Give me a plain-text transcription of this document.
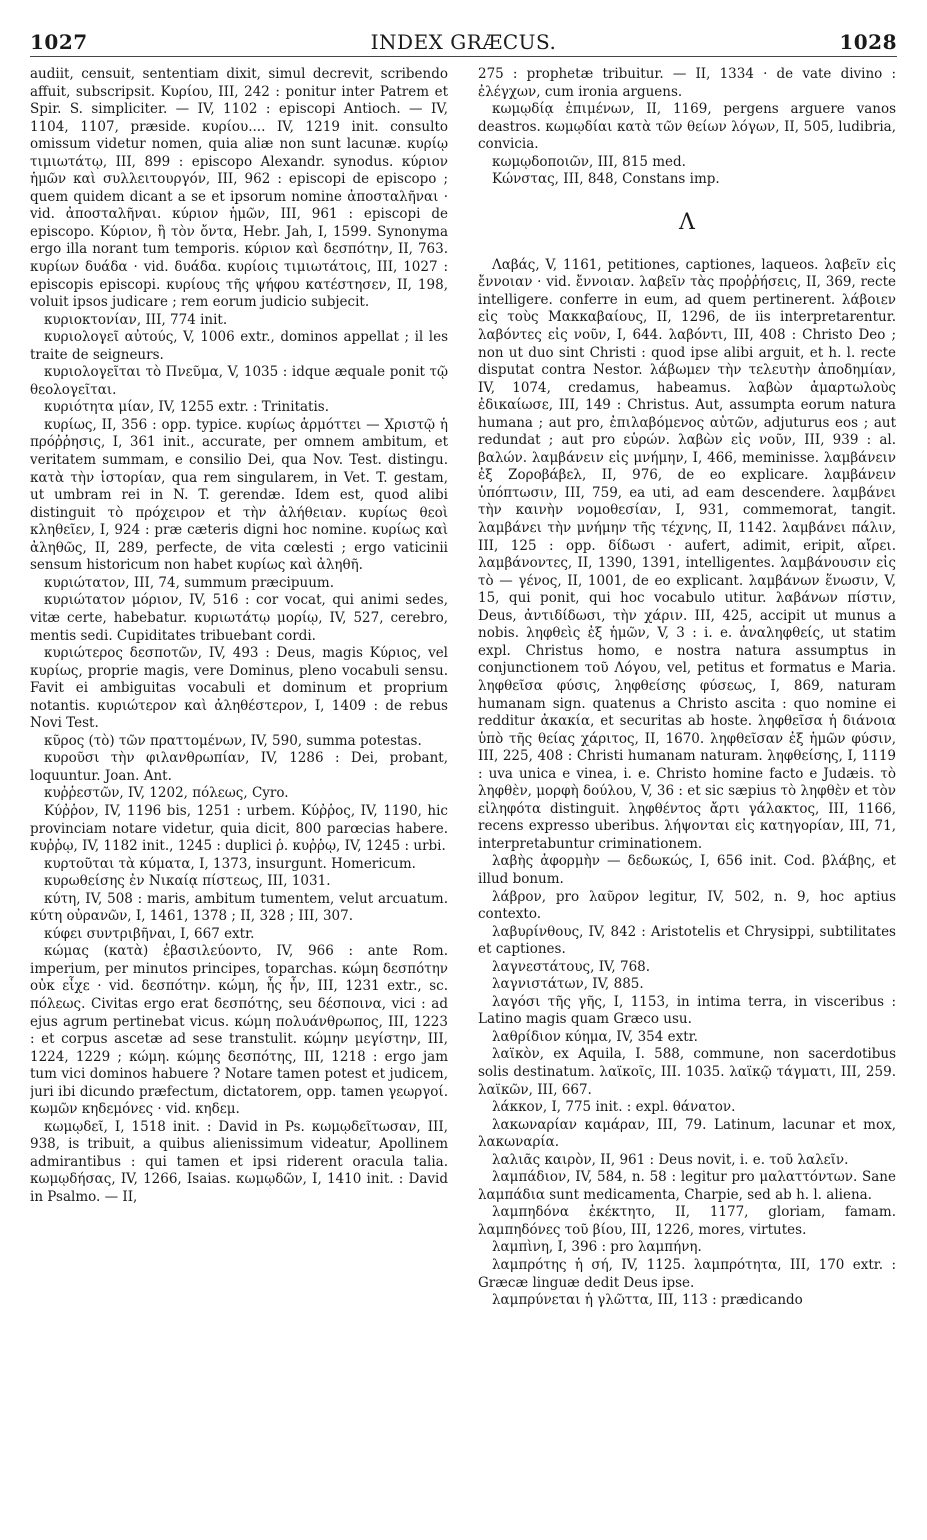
1027	INDEX GRÆCUS.	1028

audiit, censuit, sententiam dixit, simul decrevit, scribendo affuit, subscripsit. Κυρίου, III, 242 : ponitur inter Patrem et Spir. S. simpliciter. — IV, 1102 : episcopi Antioch. — IV, 1104, 1107, præside. κυρίου.... IV, 1219 init. consulto omissum videtur nomen, quia aliæ non sunt lacunæ. κυρίῳ τιμιωτάτῳ, III, 899 : episcopo Alexandr. synodus. κύριον ἡμῶν καὶ συλλειτουργόν, III, 962 : episcopi de episcopo ; quem quidem dicant a se et ipsorum nomine ἀποσταλῆναι · vid. ἀποσταλῆναι. κύριον ἡμῶν, III, 961 : episcopi de episcopo. Κύριον, ἢ τὸν ὄντα, Hebr. Jah, I, 1599. Synonyma ergo illa norant tum temporis. κύριον καὶ δεσπότην, II, 763. κυρίων δυάδα · vid. δυάδα. κυρίοις τιμιωτάτοις, III, 1027 : episcopis episcopi. κυρίους τῆς ψήφου κατέστησεν, II, 198, voluit ipsos judicare ; rem eorum judicio subjecit.

κυριοκτονίαν, III, 774 init.

κυριολογεῖ αὐτούς, V, 1006 extr., dominos appellat ; il les traite de seigneurs.

κυριολογεῖται τὸ Πνεῦμα, V, 1035 : idque æquale ponit τῷ θεολογεῖται.

κυριότητα μίαν, IV, 1255 extr. : Trinitatis.

κυρίως, II, 356 : opp. typice. κυρίως ἁρμόττει — Χριστῷ ἡ πρόῤῥησις, I, 361 init., accurate, per omnem ambitum, et veritatem summam, e consilio Dei, qua Nov. Test. distingu. κατὰ τὴν ἱστορίαν, qua rem singularem, in Vet. T. gestam, ut umbram rei in N. T. gerendæ. Idem est, quod alibi distinguit τὸ πρόχειρον et τὴν ἀλήθειαν. κυρίως θεοὶ κληθεῖεν, I, 924 : præ cæteris digni hoc nomine. κυρίως καὶ ἀληθῶς, II, 289, perfecte, de vita cœlesti ; ergo vaticinii sensum historicum non habet κυρίως καὶ ἀληθῆ.

κυριώτατον, III, 74, summum præcipuum.

κυριώτατον μόριον, IV, 516 : cor vocat, qui animi sedes, vitæ certe, habebatur. κυριωτάτῳ μορίῳ, IV, 527, cerebro, mentis sedi. Cupiditates tribuebant cordi.

κυριώτερος δεσποτῶν, IV, 493 : Deus, magis Κύριος, vel κυρίως, proprie magis, vere Dominus, pleno vocabuli sensu. Favit ei ambiguitas vocabuli et dominum et proprium notantis. κυριώτερον καὶ ἀληθέστερον, I, 1409 : de rebus Novi Test.

κῦρος (τὸ) τῶν πραττομένων, IV, 590, summa potestas.

κυροῦσι τὴν φιλανθρωπίαν, IV, 1286 : Dei, probant, loquuntur. Joan. Ant.

κυῤῥεστῶν, IV, 1202, πόλεως, Cyro.

Κύῤῥον, IV, 1196 bis, 1251 : urbem. Κύῤῥος, IV, 1190, hic provinciam notare videtur, quia dicit, 800 parœcias habere. κυῤῥῳ, IV, 1182 init., 1245 : duplici ῥ. κυῤῥῳ, IV, 1245 : urbi.

κυρτοῦται τὰ κύματα, I, 1373, insurgunt. Homericum.

κυρωθείσης ἐν Νικαίᾳ πίστεως, III, 1031.

κύτη, IV, 508 : maris, ambitum tumentem, velut arcuatum. κύτη οὐρανῶν, I, 1461, 1378 ; II, 328 ; III, 307.

κύφει συντριβῆναι, I, 667 extr.

κώμας (κατὰ) ἐβασιλεύοντο, IV, 966 : ante Rom. imperium, per minutos principes, toparchas. κώμη δεσπότην οὐκ εἶχε · vid. δεσπότην. κώμη, ἧς ἦν, III, 1231 extr., sc. πόλεως. Civitas ergo erat δεσπότης, seu δέσποινα, vici : ad ejus agrum pertinebat vicus. κώμη πολυάνθρωπος, III, 1223 : et corpus ascetæ ad sese transtulit. κώμην μεγίστην, III, 1224, 1229 ; κώμη. κώμης δεσπότης, III, 1218 : ergo jam tum vici dominos habuere ? Notare tamen potest et judicem, juri ibi dicundo præfectum, dictatorem, opp. tamen γεωργοί. κωμῶν κηδεμόνες · vid. κηδεμ.

κωμῳδεῖ, I, 1518 init. : David in Ps. κωμῳδεῖτωσαν, III, 938, is tribuit, a quibus alienissimum videatur, Apollinem admirantibus : qui tamen et ipsi riderent oracula talia. κωμῳδήσας, IV, 1266, Isaias. κωμῳδῶν, I, 1410 init. : David in Psalmo. — II,

275 : prophetæ tribuitur. — II, 1334 · de vate divino : ἐλέγχων, cum ironia arguens.

κωμῳδίᾳ ἐπιμένων, II, 1169, pergens arguere vanos deastros. κωμῳδίαι κατὰ τῶν θείων λόγων, II, 505, ludibria, convicia.

κωμῳδοποιῶν, III, 815 med.

Κώνστας, III, 848, Constans imp.

Λ

Λαβάς, V, 1161, petitiones, captiones, laqueos. λαβεῖν εἰς ἔννοιαν · vid. ἔννοιαν. λαβεῖν τὰς προῤῥήσεις, II, 369, recte intelligere. conferre in eum, ad quem pertinerent. λάβοιεν εἰς τοὺς Μακκαβαίους, II, 1296, de iis interpretarentur. λαβόντες εἰς νοῦν, I, 644. λαβόντι, III, 408 : Christo Deo ; non ut duo sint Christi : quod ipse alibi arguit, et h. l. recte disputat contra Nestor. λάβωμεν τὴν τελευτὴν ἀποδημίαν, IV, 1074, credamus, habeamus. λαβὼν ἁμαρτωλοὺς ἐδικαίωσε, III, 149 : Christus. Aut, assumpta eorum natura humana ; aut pro, ἐπιλαβόμενος αὐτῶν, adjuturus eos ; aut redundat ; aut pro εὑρών. λαβὼν εἰς νοῦν, III, 939 : al. βαλών. λαμβάνειν εἰς μνήμην, I, 466, meminisse. λαμβάνειν ἐξ Ζοροβάβελ, II, 976, de eo explicare. λαμβάνειν ὑπόπτωσιν, III, 759, ea uti, ad eam descendere. λαμβάνει τὴν καινὴν νομοθεσίαν, I, 931, commemorat, tangit. λαμβάνει τὴν μνήμην τῆς τέχνης, II, 1142. λαμβάνει πάλιν, III, 125 : opp. δίδωσι · aufert, adimit, eripit, αἴρει. λαμβάνοντες, II, 1390, 1391, intelligentes. λαμβάνουσιν εἰς τὸ — γένος, II, 1001, de eo explicant. λαμβάνων ἕνωσιν, V, 15, qui ponit, qui hoc vocabulo utitur. λαβάνων πίστιν, Deus, ἀντιδίδωσι, τὴν χάριν. III, 425, accipit ut munus a nobis. ληφθεὶς ἐξ ἡμῶν, V, 3 : i. e. ἀναληφθείς, ut statim expl. Christus homo, e nostra natura assumptus in conjunctionem τοῦ Λόγου, vel, petitus et formatus e Maria. ληφθεῖσα φύσις, ληφθείσης φύσεως, I, 869, naturam humanam sign. quatenus a Christo ascita : quo nomine ei redditur ἀκακία, et securitas ab hoste. ληφθεῖσα ἡ διάνοια ὑπὸ τῆς θείας χάριτος, II, 1670. ληφθεῖσαν ἐξ ἡμῶν φύσιν, III, 225, 408 : Christi humanam naturam. ληφθείσης, I, 1119 : uva unica e vinea, i. e. Christo homine facto e Judæis. τὸ ληφθὲν, μορφὴ δούλου, V, 36 : et sic sæpius τὸ ληφθὲν et τὸν εἰληφότα distinguit. ληφθέντος ἄρτι γάλακτος, III, 1166, recens expresso uberibus. λήψονται εἰς κατηγορίαν, III, 71, interpretabuntur criminationem.

λαβὴς ἀφορμὴν — δεδωκώς, I, 656 init. Cod. βλάβης, et illud bonum.

λάβρον, pro λαῦρον legitur, IV, 502, n. 9, hoc aptius contexto.

λαβυρίνθους, IV, 842 : Aristotelis et Chrysippi, subtilitates et captiones.

λαγνεστάτους, IV, 768.

λαγνιστάτων, IV, 885.

λαγόσι τῆς γῆς, I, 1153, in intima terra, in visceribus : Latino magis quam Græco usu.

λαθρίδιον κύημα, IV, 354 extr.

λαϊκὸν, ex Aquila, I. 588, commune, non sacerdotibus solis destinatum. λαϊκοῖς, III. 1035. λαϊκῷ τάγματι, III, 259. λαϊκῶν, III, 667.

λάκκον, I, 775 init. : expl. θάνατον.

λακωναρίαν καμάραν, III, 79. Latinum, lacunar et mox, λακωναρία.

λαλιᾶς καιρὸν, II, 961 : Deus novit, i. e. τοῦ λαλεῖν.

λαμπάδιον, IV, 584, n. 58 : legitur pro μαλαττόντων. Sane λαμπάδια sunt medicamenta, Charpie, sed ab h. l. aliena.

λαμπηδόνα ἐκέκτητο, II, 1177, gloriam, famam. λαμπηδόνες τοῦ βίου, III, 1226, mores, virtutes.

λαμπὶνη, I, 396 : pro λαμπήνη.

λαμπρότης ἡ σή, IV, 1125. λαμπρότητα, III, 170 extr. : Græcæ linguæ dedit Deus ipse.

λαμπρύνεται ἡ γλῶττα, III, 113 : prædicando
